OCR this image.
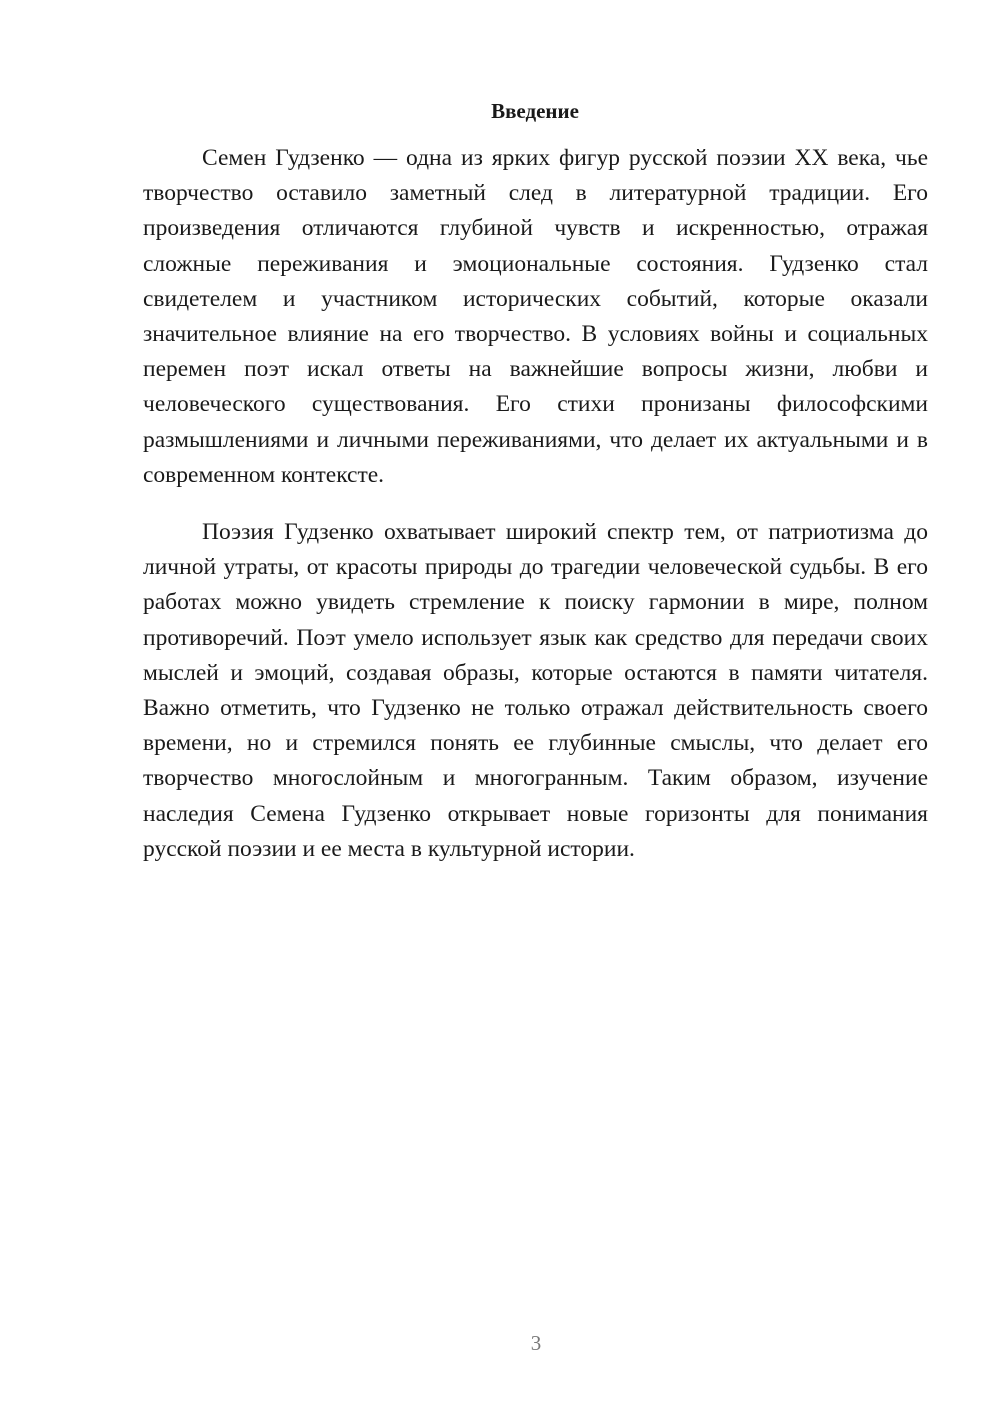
Введение

Семен Гудзенко — одна из ярких фигур русской поэзии XX века, чье творчество оставило заметный след в литературной традиции. Его произведения отличаются глубиной чувств и искренностью, отражая сложные переживания и эмоциональные состояния. Гудзенко стал свидетелем и участником исторических событий, которые оказали значительное влияние на его творчество. В условиях войны и социальных перемен поэт искал ответы на важнейшие вопросы жизни, любви и человеческого существования. Его стихи пронизаны философскими размышлениями и личными переживаниями, что делает их актуальными и в современном контексте.

Поэзия Гудзенко охватывает широкий спектр тем, от патриотизма до личной утраты, от красоты природы до трагедии человеческой судьбы. В его работах можно увидеть стремление к поиску гармонии в мире, полном противоречий. Поэт умело использует язык как средство для передачи своих мыслей и эмоций, создавая образы, которые остаются в памяти читателя. Важно отметить, что Гудзенко не только отражал действительность своего времени, но и стремился понять ее глубинные смыслы, что делает его творчество многослойным и многогранным. Таким образом, изучение наследия Семена Гудзенко открывает новые горизонты для понимания русской поэзии и ее места в культурной истории.

3
